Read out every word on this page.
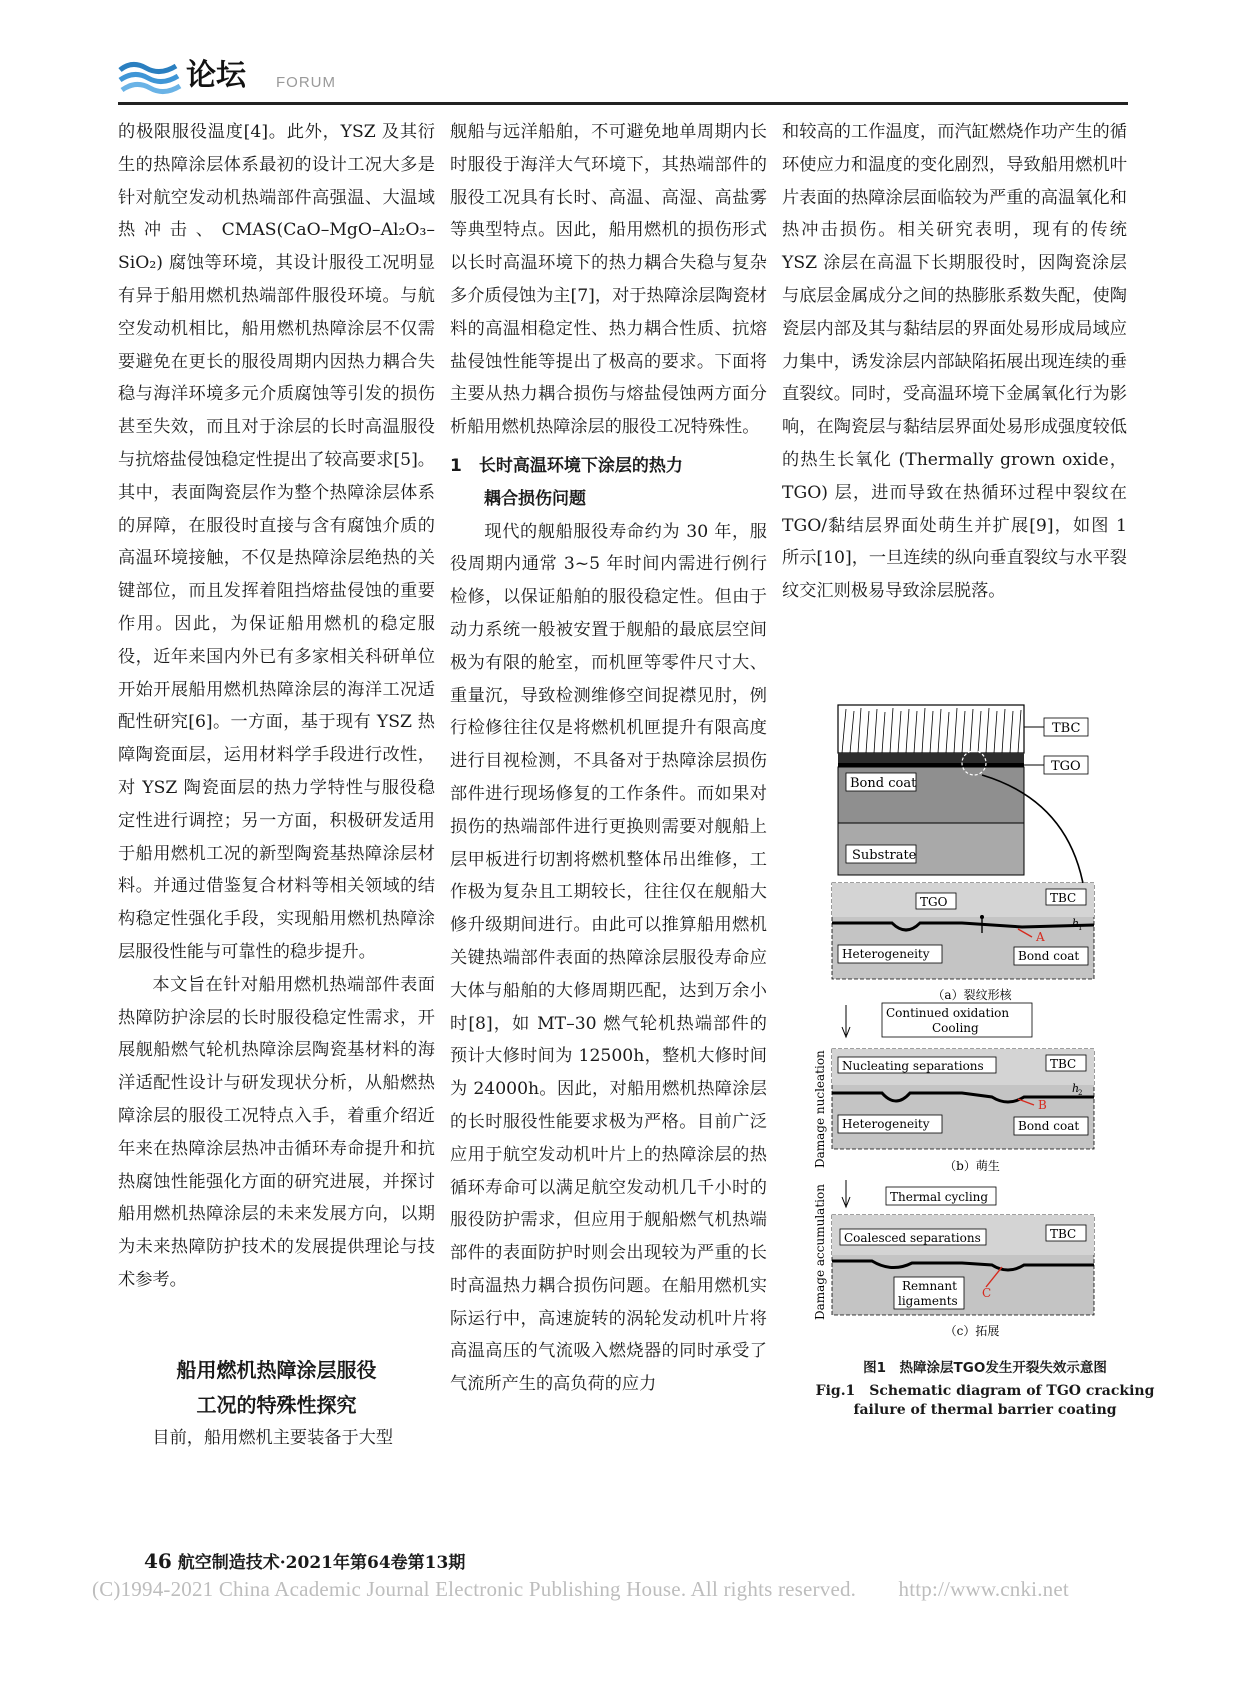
论坛 FORUM

的极限服役温度[4]。此外，YSZ 及其衍生的热障涂层体系最初的设计工况大多是针对航空发动机热端部件高强温、大温域热冲击、CMAS(CaO–MgO–Al₂O₃–SiO₂) 腐蚀等环境，其设计服役工况明显有异于船用燃机热端部件服役环境。与航空发动机相比，船用燃机热障涂层不仅需要避免在更长的服役周期内因热力耦合失稳与海洋环境多元介质腐蚀等引发的损伤甚至失效，而且对于涂层的长时高温服役与抗熔盐侵蚀稳定性提出了较高要求[5]。其中，表面陶瓷层作为整个热障涂层体系的屏障，在服役时直接与含有腐蚀介质的高温环境接触，不仅是热障涂层绝热的关键部位，而且发挥着阻挡熔盐侵蚀的重要作用。因此，为保证船用燃机的稳定服役，近年来国内外已有多家相关科研单位开始开展船用燃机热障涂层的海洋工况适配性研究[6]。一方面，基于现有 YSZ 热障陶瓷面层，运用材料学手段进行改性，对 YSZ 陶瓷面层的热力学特性与服役稳定性进行调控；另一方面，积极研发适用于船用燃机工况的新型陶瓷基热障涂层材料。并通过借鉴复合材料等相关领域的结构稳定性强化手段，实现船用燃机热障涂层服役性能与可靠性的稳步提升。

本文旨在针对船用燃机热端部件表面热障防护涂层的长时服役稳定性需求，开展舰船燃气轮机热障涂层陶瓷基材料的海洋适配性设计与研发现状分析，从船燃热障涂层的服役工况特点入手，着重介绍近年来在热障涂层热冲击循环寿命提升和抗热腐蚀性能强化方面的研究进展，并探讨船用燃机热障涂层的未来发展方向，以期为未来热障防护技术的发展提供理论与技术参考。

船用燃机热障涂层服役
工况的特殊性探究

目前，船用燃机主要装备于大型

舰船与远洋船舶，不可避免地单周期内长时服役于海洋大气环境下，其热端部件的服役工况具有长时、高温、高湿、高盐雾等典型特点。因此，船用燃机的损伤形式以长时高温环境下的热力耦合失稳与复杂多介质侵蚀为主[7]，对于热障涂层陶瓷材料的高温相稳定性、热力耦合性质、抗熔盐侵蚀性能等提出了极高的要求。下面将主要从热力耦合损伤与熔盐侵蚀两方面分析船用燃机热障涂层的服役工况特殊性。

1　长时高温环境下涂层的热力

耦合损伤问题

现代的舰船服役寿命约为 30 年，服役周期内通常 3~5 年时间内需进行例行检修，以保证船舶的服役稳定性。但由于动力系统一般被安置于舰船的最底层空间极为有限的舱室，而机匣等零件尺寸大、重量沉，导致检测维修空间捉襟见肘，例行检修往往仅是将燃机机匣提升有限高度进行目视检测，不具备对于热障涂层损伤部件进行现场修复的工作条件。而如果对损伤的热端部件进行更换则需要对舰船上层甲板进行切割将燃机整体吊出维修，工作极为复杂且工期较长，往往仅在舰船大修升级期间进行。由此可以推算船用燃机关键热端部件表面的热障涂层服役寿命应大体与船舶的大修周期匹配，达到万余小时[8]，如 MT–30 燃气轮机热端部件的预计大修时间为 12500h，整机大修时间为 24000h。因此，对船用燃机热障涂层的长时服役性能要求极为严格。目前广泛应用于航空发动机叶片上的热障涂层的热循环寿命可以满足航空发动机几千小时的服役防护需求，但应用于舰船燃气机热端部件的表面防护时则会出现较为严重的长时高温热力耦合损伤问题。在船用燃机实际运行中，高速旋转的涡轮发动机叶片将高温高压的气流吸入燃烧器的同时承受了气流所产生的高负荷的应力

和较高的工作温度，而汽缸燃烧作功产生的循环使应力和温度的变化剧烈，导致船用燃机叶片表面的热障涂层面临较为严重的高温氧化和热冲击损伤。相关研究表明，现有的传统 YSZ 涂层在高温下长期服役时，因陶瓷涂层与底层金属成分之间的热膨胀系数失配，使陶瓷层内部及其与黏结层的界面处易形成局域应力集中，诱发涂层内部缺陷拓展出现连续的垂直裂纹。同时，受高温环境下金属氧化行为影响，在陶瓷层与黏结层界面处易形成强度较低的热生长氧化 (Thermally grown oxide，TGO) 层，进而导致在热循环过程中裂纹在 TGO/黏结层界面处萌生并扩展[9]，如图 1 所示[10]，一旦连续的纵向垂直裂纹与水平裂纹交汇则极易导致涂层脱落。

Bond coat
Substrate
TBC
TGO
TGO	TBC
h
1
A
Heterogeneity	Bond coat
（a）裂纹形核
Continued oxidation
Cooling
Nucleating separations	TBC
h
2
B
Heterogeneity	Bond coat
Damage nucleation	（b）萌生
Thermal cycling
Coalesced separations	TBC
Remnant
ligaments
C
Damage accumulation
（c）拓展
图1　热障涂层TGO发生开裂失效示意图
Fig.1　Schematic diagram of TGO cracking
failure of thermal barrier coating
46 航空制造技术·2021年第64卷第13期
(C)1994-2021 China Academic Journal Electronic Publishing House. All rights reserved.　　http://www.cnki.net
